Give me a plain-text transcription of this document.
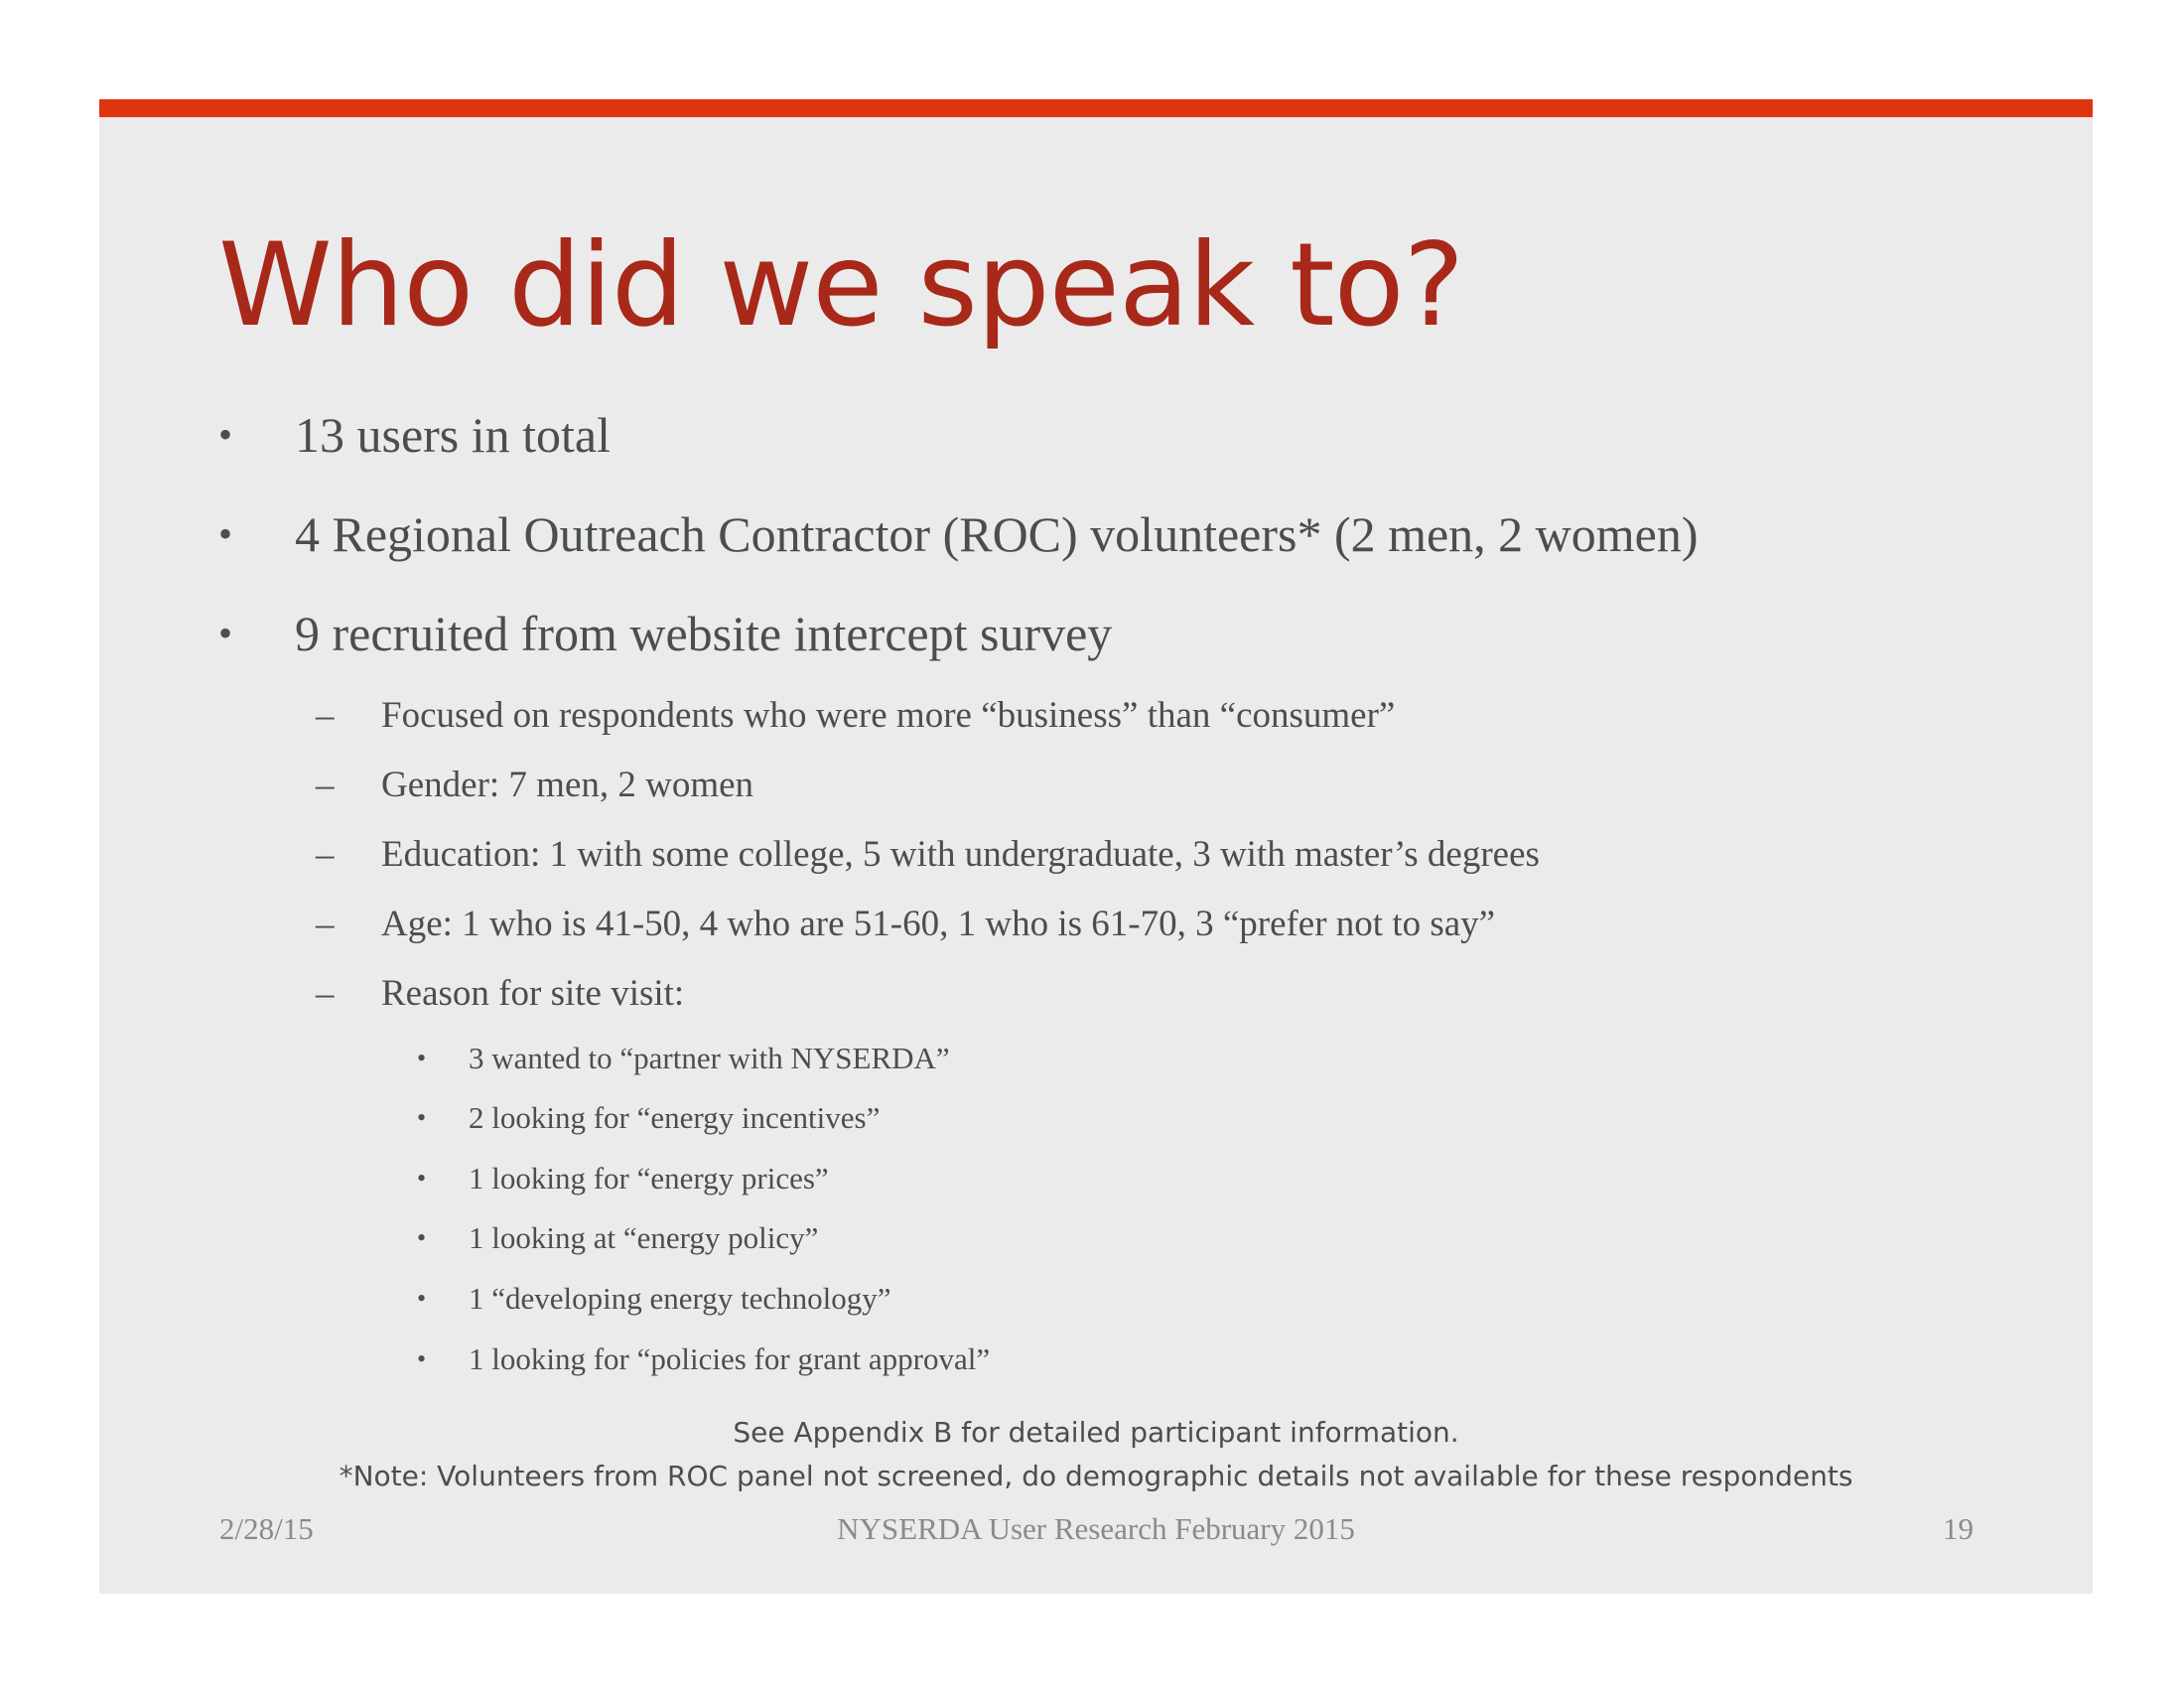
Who did we speak to?
•	13 users in total
•	4 Regional Outreach Contractor (ROC) volunteers* (2 men, 2 women)
•	9 recruited from website intercept survey
– Focused on respondents who were more “business” than “consumer”
– Gender: 7 men, 2 women
– Education: 1 with some college, 5 with undergraduate, 3 with master’s degrees
– Age: 1 who is 41-50, 4 who are 51-60, 1 who is 61-70, 3 “prefer not to say”
– Reason for site visit:
• 3 wanted to “partner with NYSERDA”
• 2 looking for “energy incentives”
• 1 looking for “energy prices”
• 1 looking at “energy policy”
• 1 “developing energy technology”
• 1 looking for “policies for grant approval”
See Appendix B for detailed participant information.
*Note: Volunteers from ROC panel not screened, do demographic details not available for these respondents
2/28/15	NYSERDA User Research February 2015	19
